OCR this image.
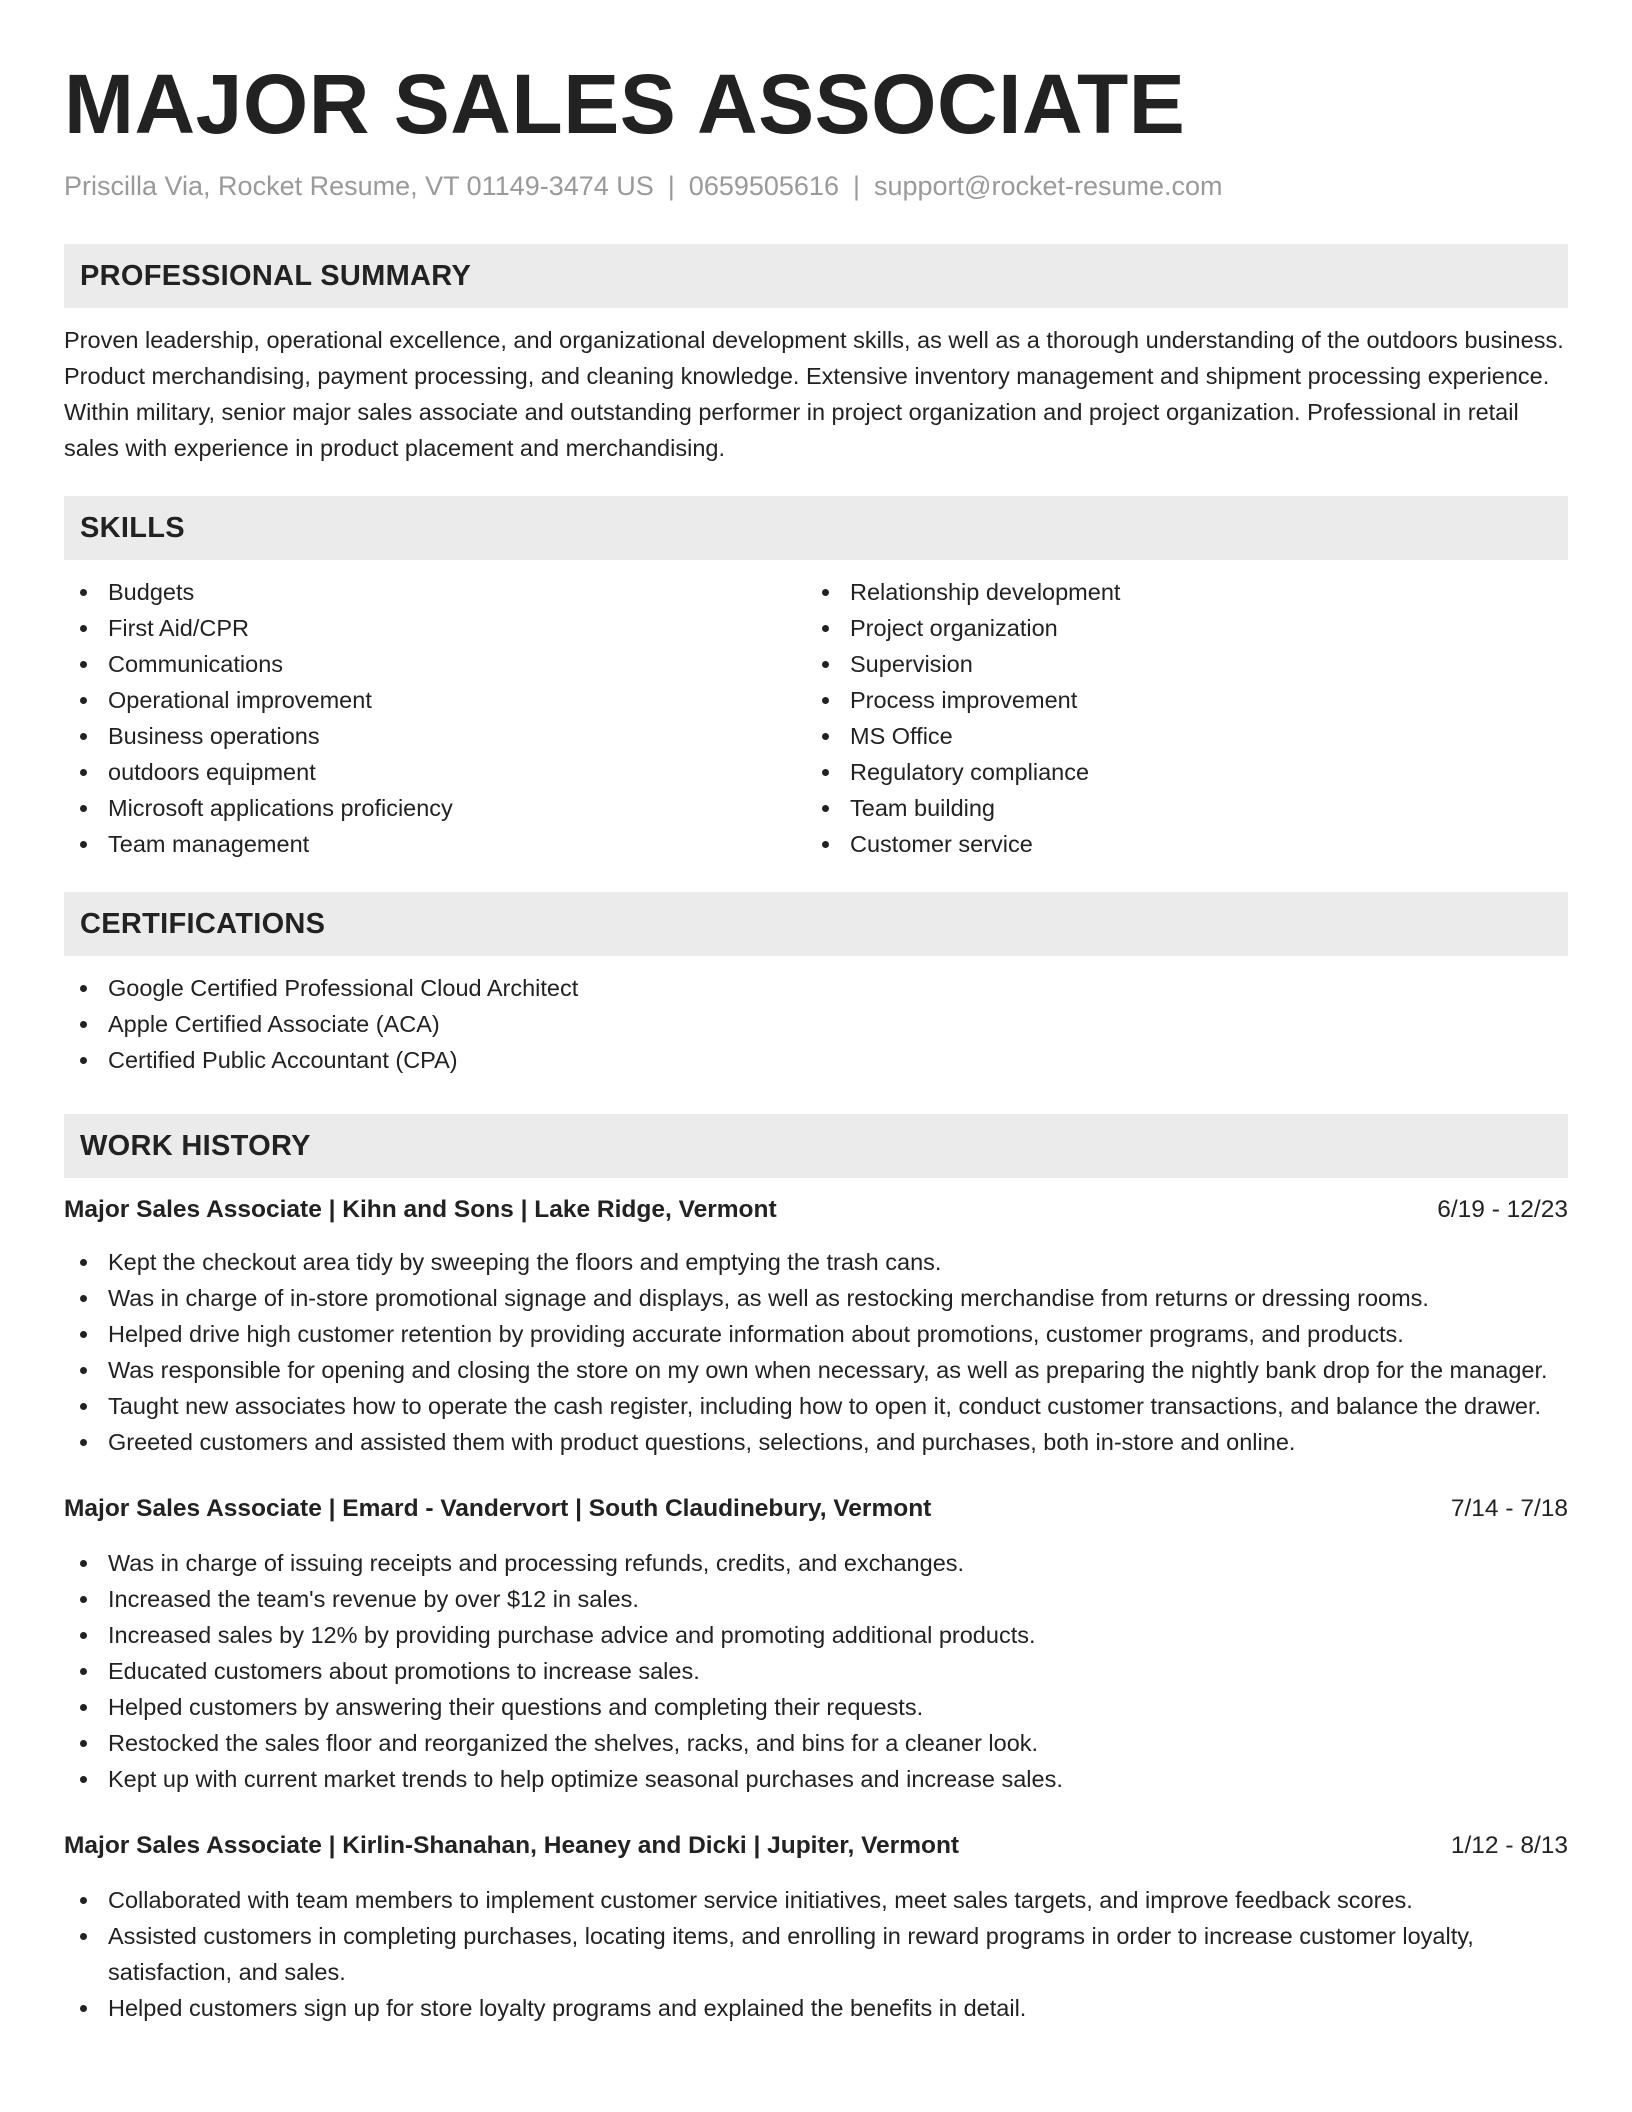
MAJOR SALES ASSOCIATE
Priscilla Via, Rocket Resume, VT 01149-3474 US | 0659505616 | support@rocket-resume.com
PROFESSIONAL SUMMARY
Proven leadership, operational excellence, and organizational development skills, as well as a thorough understanding of the outdoors business. Product merchandising, payment processing, and cleaning knowledge. Extensive inventory management and shipment processing experience. Within military, senior major sales associate and outstanding performer in project organization and project organization. Professional in retail sales with experience in product placement and merchandising.
SKILLS
Budgets
First Aid/CPR
Communications
Operational improvement
Business operations
outdoors equipment
Microsoft applications proficiency
Team management
Relationship development
Project organization
Supervision
Process improvement
MS Office
Regulatory compliance
Team building
Customer service
CERTIFICATIONS
Google Certified Professional Cloud Architect
Apple Certified Associate (ACA)
Certified Public Accountant (CPA)
WORK HISTORY
Major Sales Associate | Kihn and Sons | Lake Ridge, Vermont	6/19 - 12/23
Kept the checkout area tidy by sweeping the floors and emptying the trash cans.
Was in charge of in-store promotional signage and displays, as well as restocking merchandise from returns or dressing rooms.
Helped drive high customer retention by providing accurate information about promotions, customer programs, and products.
Was responsible for opening and closing the store on my own when necessary, as well as preparing the nightly bank drop for the manager.
Taught new associates how to operate the cash register, including how to open it, conduct customer transactions, and balance the drawer.
Greeted customers and assisted them with product questions, selections, and purchases, both in-store and online.
Major Sales Associate | Emard - Vandervort | South Claudinebury, Vermont	7/14 - 7/18
Was in charge of issuing receipts and processing refunds, credits, and exchanges.
Increased the team's revenue by over $12 in sales.
Increased sales by 12% by providing purchase advice and promoting additional products.
Educated customers about promotions to increase sales.
Helped customers by answering their questions and completing their requests.
Restocked the sales floor and reorganized the shelves, racks, and bins for a cleaner look.
Kept up with current market trends to help optimize seasonal purchases and increase sales.
Major Sales Associate | Kirlin-Shanahan, Heaney and Dicki | Jupiter, Vermont	1/12 - 8/13
Collaborated with team members to implement customer service initiatives, meet sales targets, and improve feedback scores.
Assisted customers in completing purchases, locating items, and enrolling in reward programs in order to increase customer loyalty, satisfaction, and sales.
Helped customers sign up for store loyalty programs and explained the benefits in detail.
